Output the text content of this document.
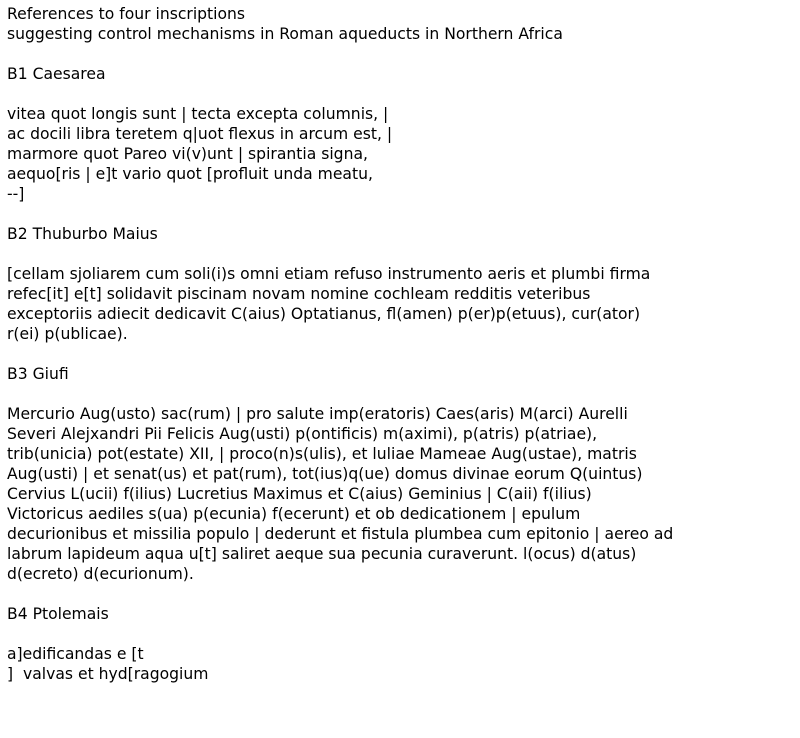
References to four inscriptions
suggesting control mechanisms in Roman aqueducts in Northern Africa
B1 Caesarea
vitea quot longis sunt | tecta excepta columnis, |
ac docili libra teretem q|uot flexus in arcum est, |
marmore quot Pareo vi(v)unt | spirantia signa,
aequo[ris | e]t vario quot [profluit unda meatu,
--]
B2 Thuburbo Maius
[cellam sjoliarem cum soli(i)s omni etiam refuso instrumento aeris et plumbi firma
refec[it] e[t] solidavit piscinam novam nomine cochleam redditis veteribus
exceptoriis adiecit dedicavit C(aius) Optatianus, fl(amen) p(er)p(etuus), cur(ator)
r(ei) p(ublicae).
B3 Giufi
Mercurio Aug(usto) sac(rum) | pro salute imp(eratoris) Caes(aris) M(arci) Aurelli
Severi Alejxandri Pii Felicis Aug(usti) p(ontificis) m(aximi), p(atris) p(atriae),
trib(unicia) pot(estate) XII, | proco(n)s(ulis), et luliae Mameae Aug(ustae), matris
Aug(usti) | et senat(us) et pat(rum), tot(ius)q(ue) domus divinae eorum Q(uintus)
Cervius L(ucii) f(ilius) Lucretius Maximus et C(aius) Geminius | C(aii) f(ilius)
Victoricus aediles s(ua) p(ecunia) f(ecerunt) et ob dedicationem | epulum
decurionibus et missilia populo | dederunt et fistula plumbea cum epitonio | aereo ad
labrum lapideum aqua u[t] saliret aeque sua pecunia curaverunt. l(ocus) d(atus)
d(ecreto) d(ecurionum).
B4 Ptolemais
a]edificandas e [t
]  valvas et hyd[ragogium
